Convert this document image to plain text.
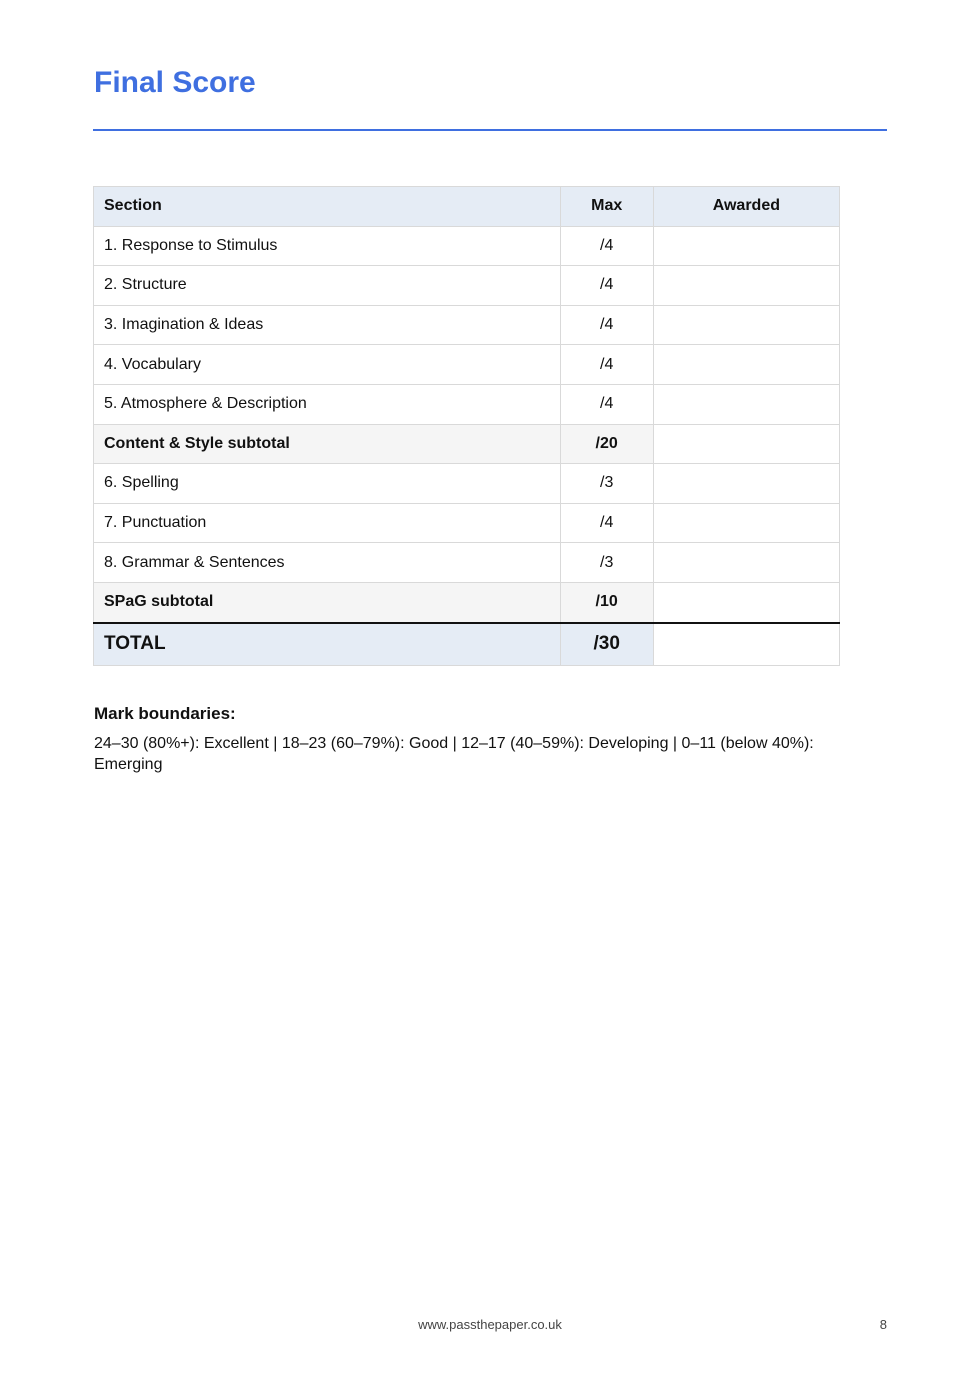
Final Score
Section	Max	Awarded
1. Response to Stimulus	/4	
2. Structure	/4	
3. Imagination & Ideas	/4	
4. Vocabulary	/4	
5. Atmosphere & Description	/4	
Content & Style subtotal	/20	
6. Spelling	/3	
7. Punctuation	/4	
8. Grammar & Sentences	/3	
SPaG subtotal	/10	
TOTAL	/30	
Mark boundaries:

24–30 (80%+): Excellent | 18–23 (60–79%): Good | 12–17 (40–59%): Developing | 0–11 (below 40%): Emerging

www.passthepaper.co.uk	8
